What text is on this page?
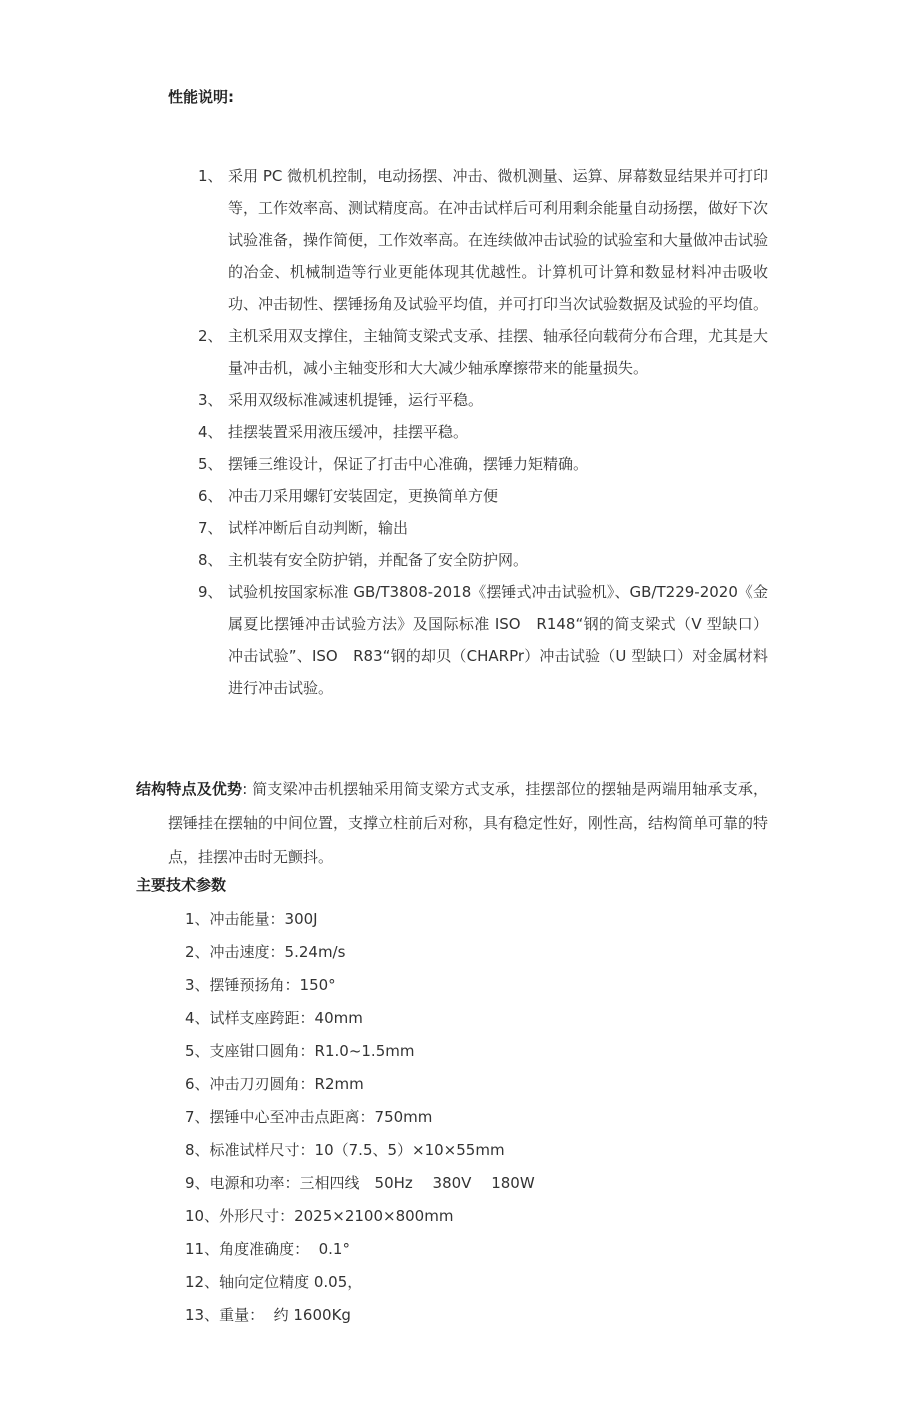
性能说明:
1、 采用 PC 微机机控制，电动扬摆、冲击、微机测量、运算、屏幕数显结果并可打印等，工作效率高、测试精度高。在冲击试样后可利用剩余能量自动扬摆，做好下次试验准备，操作简便，工作效率高。在连续做冲击试验的试验室和大量做冲击试验的冶金、机械制造等行业更能体现其优越性。计算机可计算和数显材料冲击吸收功、冲击韧性、摆锤扬角及试验平均值，并可打印当次试验数据及试验的平均值。
2、 主机采用双支撑住，主轴简支梁式支承、挂摆、轴承径向载荷分布合理，尤其是大量冲击机，减小主轴变形和大大减少轴承摩擦带来的能量损失。
3、 采用双级标准减速机提锤，运行平稳。
4、 挂摆装置采用液压缓冲，挂摆平稳。
5、 摆锤三维设计，保证了打击中心准确，摆锤力矩精确。
6、 冲击刀采用螺钉安装固定，更换简单方便
7、 试样冲断后自动判断，输出
8、 主机装有安全防护销，并配备了安全防护网。
9、 试验机按国家标准 GB/T3808-2018《摆锤式冲击试验机》、GB/T229-2020《金属夏比摆锤冲击试验方法》及国际标准 ISO　R148“钢的简支梁式（V 型缺口）冲击试验”、ISO　R83“钢的却贝（CHARPr）冲击试验（U 型缺口）对金属材料进行冲击试验。
结构特点及优势: 简支梁冲击机摆轴采用简支梁方式支承，挂摆部位的摆轴是两端用轴承支承，摆锤挂在摆轴的中间位置，支撑立柱前后对称，具有稳定性好，刚性高，结构简单可靠的特点，挂摆冲击时无颤抖。
主要技术参数
1、冲击能量：300J
2、冲击速度：5.24m/s
3、摆锤预扬角：150°
4、试样支座跨距：40mm
5、支座钳口圆角：R1.0~1.5mm
6、冲击刀刃圆角：R2mm
7、摆锤中心至冲击点距离：750mm
8、标准试样尺寸：10（7.5、5）×10×55mm
9、电源和功率：三相四线　50Hz　 380V　 180W
10、外形尺寸：2025×2100×800mm
11、角度准确度：  0.1°
12、轴向定位精度 0.05，
13、重量：  约 1600Kg
